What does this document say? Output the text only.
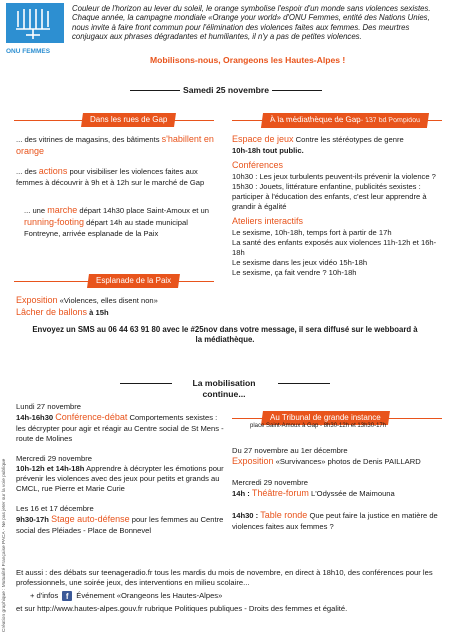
ONU FEMMES
Couleur de l'horizon au lever du soleil, le orange symbolise l'espoir d'un monde sans violences sexistes. Chaque année, la campagne mondiale «Orange your world» d'ONU Femmes, entité des Nations Unies, nous invite à faire front commun pour l'élimination des violences faites aux femmes. Des meurtres conjugaux aux phrases dégradantes et humiliantes, il n'y a pas de petites violences.
Mobilisons-nous, Orangeons les Hautes-Alpes !
Samedi 25 novembre
Dans les rues de Gap	À la médiathèque de Gap- 137 bd Pompidou
... des vitrines de magasins, des bâtiments s'habillent en orange
... des actions pour visibiliser les violences faites aux femmes à découvrir à 9h et à 12h sur le marché de Gap
... une marche départ 14h30 place Saint-Amoux et un running-footing départ 14h au stade municipal Fontreyne, arrivée esplanade de la Paix
Espace de jeux Contre les stéréotypes de genre
10h-18h tout public.
Conférences
10h30 : Les jeux turbulents peuvent-ils prévenir la violence ?
15h30 : Jouets, littérature enfantine, publicités sexistes : participer à l'éducation des enfants, c'est leur apprendre à grandir à égalité
Ateliers interactifs
Le sexisme, 10h-18h, temps fort à partir de 17h
La santé des enfants exposés aux violences 11h-12h et 16h-18h
Le sexisme dans les jeux vidéo 15h-18h
Le sexisme, ça fait vendre ? 10h-18h
Esplanade de la Paix
Exposition «Violences, elles disent non»
Lâcher de ballons à 15h
Envoyez un SMS au 06 44 63 91 80 avec le #25nov dans votre message, il sera diffusé sur le webboard à la médiathèque.
La mobilisation continue...
Lundi 27 novembre
14h-16h30 Conférence-débat Comportements sexistes : les décrypter pour agir et réagir au Centre social de St Mens - route de Molines
Mercredi 29 novembre
10h-12h et 14h-18h Apprendre à décrypter les émotions pour prévenir les violences avec des jeux pour petits et grands au CMCL, rue Pierre et Marie Curie
Les 16 et 17 décembre
9h30-17h Stage auto-défense pour les femmes au Centre social des Pléiades - Place de Bonnevel
Au Tribunal de grande instance
place Saint-Amoux à Gap - 8h30-12h et 13h30-17h
Du 27 novembre au 1er décembre
Exposition «Survivances» photos de Denis PAILLARD
Mercredi 29 novembre
14h : Théâtre-forum L'Odyssée de Maimouna
14h30 : Table ronde Que peut faire la justice en matière de violences faites aux femmes ?
Et aussi : des débats sur teenageradio.fr tous les mardis du mois de novembre, en direct à 18h10, des conférences pour les professionnels, une soirée jeux, des interventions en milieu scolaire...
+ d'infos f	Événement «Orangeons les Hautes-Alpes»
et sur http://www.hautes-alpes.gouv.fr rubrique Politiques publiques - Droits des femmes et égalité.
Création graphique : Mutualité Française PACA - Ne pas jeter sur la voie publique
